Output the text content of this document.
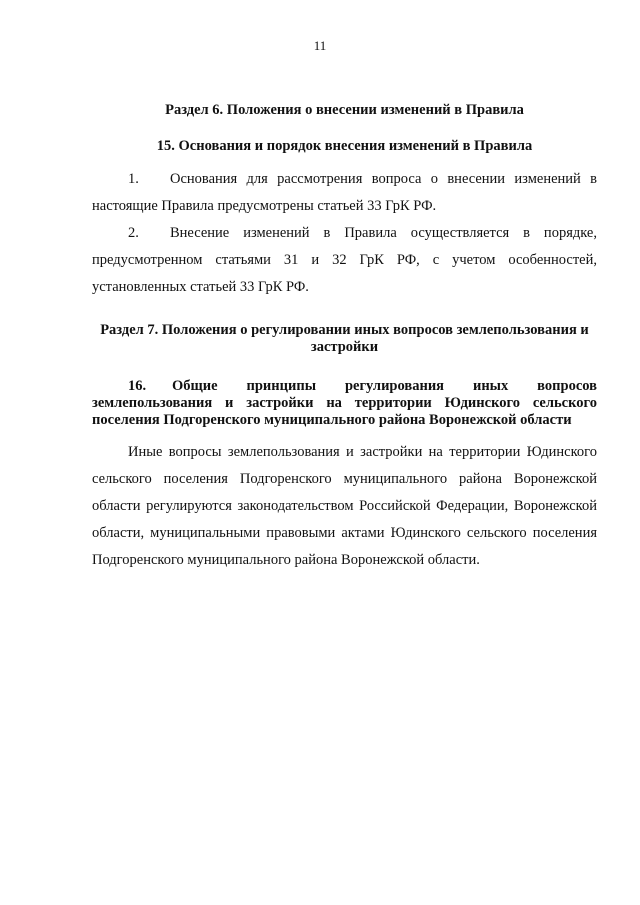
11

Раздел 6. Положения о внесении изменений в Правила

15. Основания и порядок внесения изменений в Правила

1. Основания для рассмотрения вопроса о внесении изменений в настоящие Правила предусмотрены статьей 33 ГрК РФ.

2. Внесение изменений в Правила осуществляется в порядке, предусмотренном статьями 31 и 32 ГрК РФ, с учетом особенностей, установленных статьей 33 ГрК РФ.

Раздел 7. Положения о регулировании иных вопросов землепользования и застройки

16. Общие принципы регулирования иных вопросов землепользования и застройки на территории Юдинского сельского поселения Подгоренского муниципального района Воронежской области

Иные вопросы землепользования и застройки на территории Юдинского сельского поселения Подгоренского муниципального района Воронежской области регулируются законодательством Российской Федерации, Воронежской области, муниципальными правовыми актами Юдинского сельского поселения Подгоренского муниципального района Воронежской области.
